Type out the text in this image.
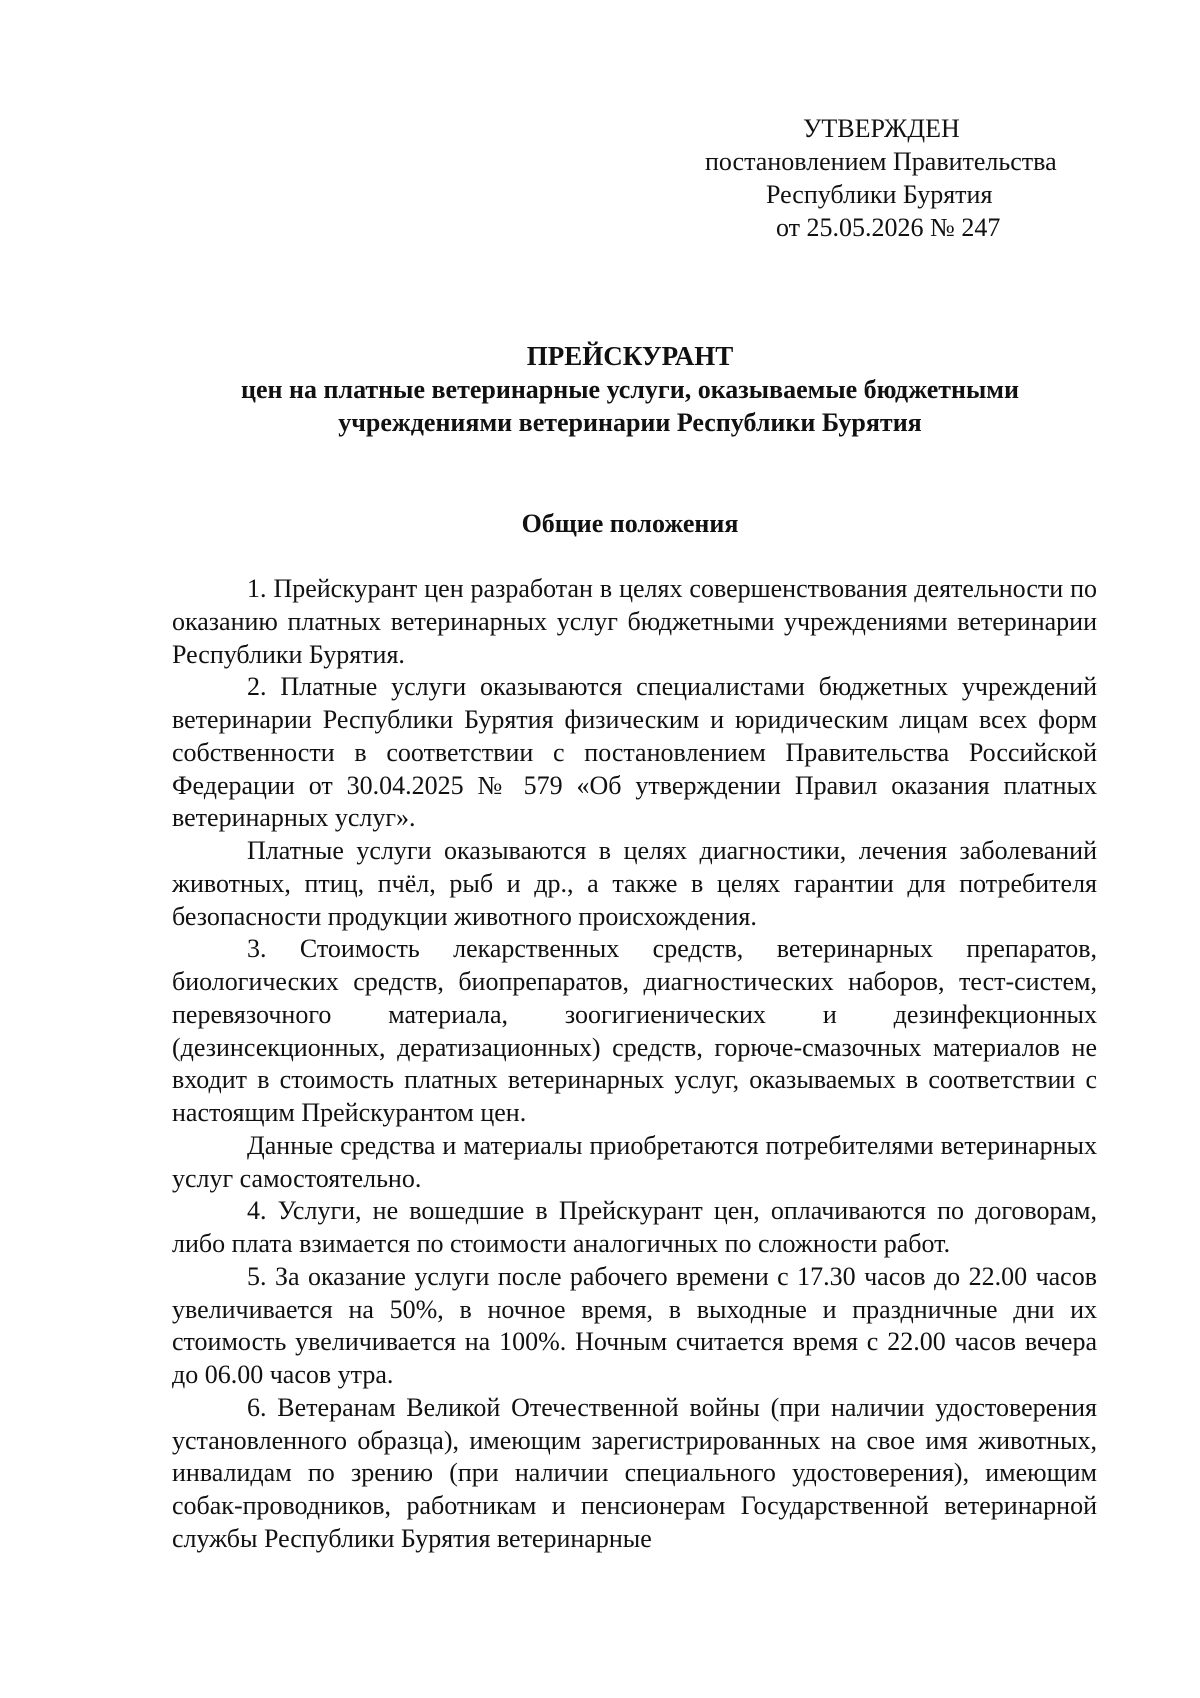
УТВЕРЖДЕН
постановлением Правительства
Республики Бурятия
от 25.05.2026 № 247
ПРЕЙСКУРАНТ
цен на платные ветеринарные услуги, оказываемые бюджетными
учреждениями ветеринарии Республики Бурятия
Общие положения

1. Прейскурант цен разработан в целях совершенствования деятельности по оказанию платных ветеринарных услуг бюджетными учреждениями ветеринарии Республики Бурятия.

2. Платные услуги оказываются специалистами бюджетных учреждений ветеринарии Республики Бурятия физическим и юридическим лицам всех форм собственности в соответствии с постановлением Правительства Российской Федерации от 30.04.2025 № 579 «Об утверждении Правил оказания платных ветеринарных услуг».

Платные услуги оказываются в целях диагностики, лечения заболеваний животных, птиц, пчёл, рыб и др., а также в целях гарантии для потребителя безопасности продукции животного происхождения.

3. Стоимость лекарственных средств, ветеринарных препаратов, биологических средств, биопрепаратов, диагностических наборов, тест-систем, перевязочного материала, зоогигиенических и дезинфекционных (дезинсекционных, дератизационных) средств, горюче-смазочных материалов не входит в стоимость платных ветеринарных услуг, оказываемых в соответствии с настоящим Прейскурантом цен.

Данные средства и материалы приобретаются потребителями ветеринарных услуг самостоятельно.

4. Услуги, не вошедшие в Прейскурант цен, оплачиваются по договорам, либо плата взимается по стоимости аналогичных по сложности работ.

5. За оказание услуги после рабочего времени с 17.30 часов до 22.00 часов увеличивается на 50%, в ночное время, в выходные и праздничные дни их стоимость увеличивается на 100%. Ночным считается время с 22.00 часов вечера до 06.00 часов утра.

6. Ветеранам Великой Отечественной войны (при наличии удостоверения установленного образца), имеющим зарегистрированных на свое имя животных, инвалидам по зрению (при наличии специального удостоверения), имеющим собак-проводников, работникам и пенсионерам Государственной ветеринарной службы Республики Бурятия ветеринарные
